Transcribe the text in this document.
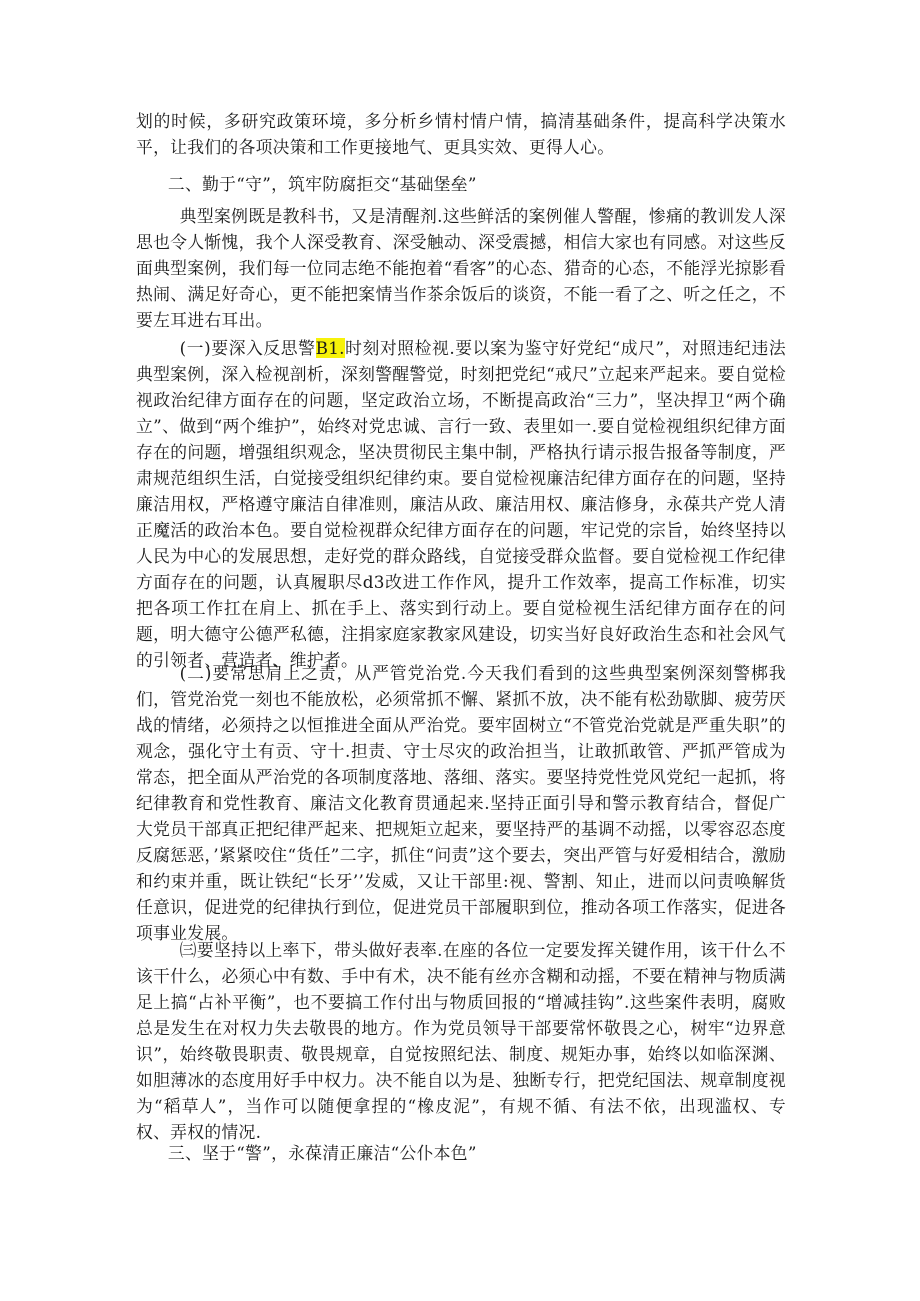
划的时候，多研究政策环境，多分析乡情村情户情，搞清基础条件，提高科学决策水平，让我们的各项决策和工作更接地气、更具实效、更得人心。

二、勤于“守”，筑牢防腐拒交“基础堡垒”

典型案例既是教科书，又是清醒剂.这些鲜活的案例催人警醒，惨痛的教训发人深思也令人惭愧，我个人深受教育、深受触动、深受震撼，相信大家也有同感。对这些反面典型案例，我们每一位同志绝不能抱着“看客”的心态、猎奇的心态，不能浮光掠影看热闹、满足好奇心，更不能把案情当作茶余饭后的谈资，不能一看了之、听之任之，不要左耳进右耳出。

(一)要深入反思警B1.时刻对照检视.要以案为鉴守好党纪“成尺”，对照违纪违法典型案例，深入检视剖析，深刻警醒警觉，时刻把党纪“戒尺”立起来严起来。要自觉检视政治纪律方面存在的问题，坚定政治立场，不断提高政治“三力”，坚决捍卫“两个确立”、做到“两个维护”，始终对党忠诚、言行一致、表里如一.要自觉检视组织纪律方面存在的问题，增强组织观念，坚决贯彻民主集中制，严格执行请示报告报备等制度，严肃规范组织生活，白觉接受组织纪律约束。要自觉检视廉洁纪律方面存在的问题，坚持廉洁用权，严格遵守廉洁自律准则，廉洁从政、廉洁用权、廉洁修身，永葆共产党人清正魔活的政治本色。要自觉检视群众纪律方面存在的问题，牢记党的宗旨，始终坚持以人民为中心的发展思想，走好党的群众路线，自觉接受群众监督。要自觉检视工作纪律方面存在的问题，认真履职尽d3改进工作作风，提升工作效率，提高工作标准，切实把各项工作扛在肩上、抓在手上、落实到行动上。要自觉检视生活纪律方面存在的问题，明大德守公德严私德，注捐家庭家教家风建设，切实当好良好政治生态和社会风气的引领者、营造者、维护者。

(二)要常思肩上之责，从严管党治党.今天我们看到的这些典型案例深刻警梆我们，管党治党一刻也不能放松，必须常抓不懈、紧抓不放，决不能有松劲歇脚、疲劳厌战的情绪，必须持之以恒推进全面从严治党。要牢固树立“不管党治党就是严重失职”的观念，强化守土有贡、守十.担责、守士尽灾的政治担当，让敢抓敢管、严抓严管成为常态，把全面从严治党的各项制度落地、落细、落实。要坚持党性党风党纪一起抓，将纪律教育和党性教育、廉洁文化教育贯通起来.坚持正面引导和警示教育结合，督促广大党员干部真正把纪律严起来、把规矩立起来，要坚持严的基调不动摇，以零容忍态度反腐惩恶，’紧紧咬住“货任”二字，抓住“问责”这个要去，突出严管与好爱相结合，激励和约束并重，既让铁纪“长牙’’发威，又让干部里:视、警割、知止，进而以问责唤解货任意识，促进党的纪律执行到位，促进党员干部履职到位，推动各项工作落实，促进各项事业发展。

㈢要坚持以上率下，带头做好表率.在座的各位一定要发挥关键作用，该干什么不该干什么，必须心中有数、手中有术，决不能有丝亦含糊和动摇，不要在精神与物质满足上搞“占补平衡”，也不要搞工作付出与物质回报的“增减挂钩”.这些案件表明，腐败总是发生在对权力失去敬畏的地方。作为党员领导干部要常怀敬畏之心，树牢“边界意识”，始终敬畏职责、敬畏规章，自觉按照纪法、制度、规矩办事，始终以如临深渊、如胆薄冰的态度用好手中权力。决不能自以为是、独断专行，把党纪国法、规章制度视为“稻草人”，当作可以随便拿捏的“橡皮泥”，有规不循、有法不依，出现滥权、专权、弄权的情况.

三、坚于“警”，永葆清正廉洁“公仆本色”
